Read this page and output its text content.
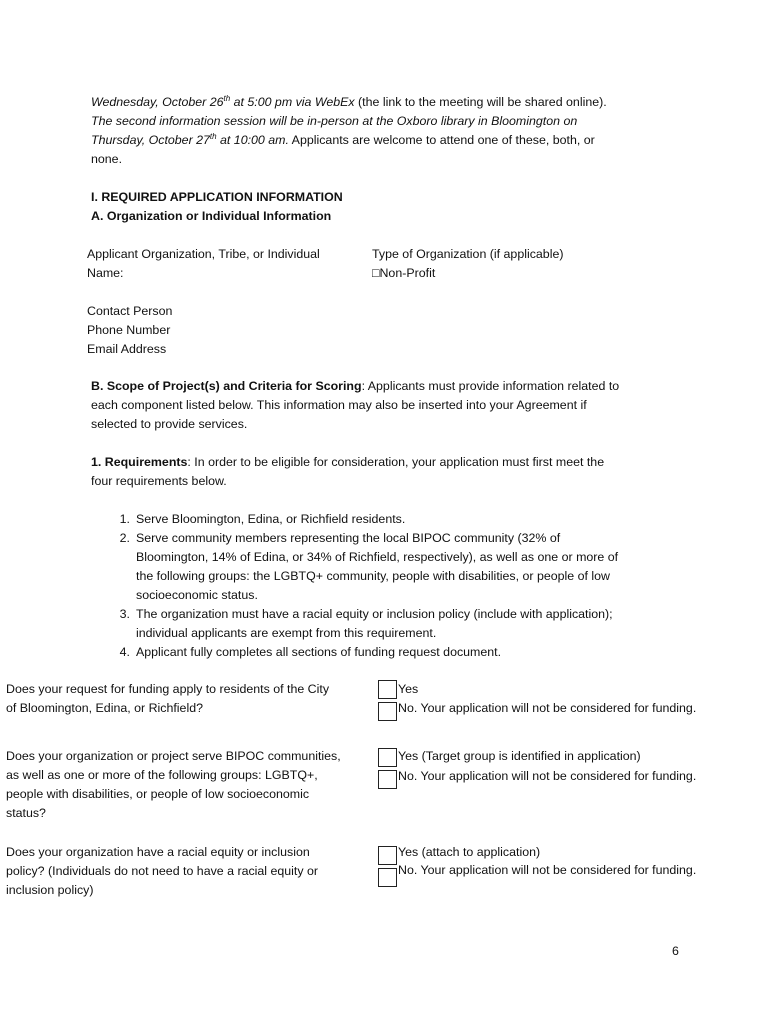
Wednesday, October 26th at 5:00 pm via WebEx (the link to the meeting will be shared online).
The second information session will be in-person at the Oxboro library in Bloomington on
Thursday, October 27th at 10:00 am. Applicants are welcome to attend one of these, both, or
none.
I. REQUIRED APPLICATION INFORMATION
A. Organization or Individual Information
Applicant Organization, Tribe, or Individual
Name:
Type of Organization (if applicable)
□Non-Profit
Contact Person
Phone Number
Email Address
B. Scope of Project(s) and Criteria for Scoring: Applicants must provide information related to
each component listed below. This information may also be inserted into your Agreement if
selected to provide services.
1. Requirements: In order to be eligible for consideration, your application must first meet the
four requirements below.
1. Serve Bloomington, Edina, or Richfield residents.
2. Serve community members representing the local BIPOC community (32% of
Bloomington, 14% of Edina, or 34% of Richfield, respectively), as well as one or more of
the following groups: the LGBTQ+ community, people with disabilities, or people of low
socioeconomic status.
3. The organization must have a racial equity or inclusion policy (include with application);
individual applicants are exempt from this requirement.
4. Applicant fully completes all sections of funding request document.
Does your request for funding apply to residents of the City
of Bloomington, Edina, or Richfield?
Yes
No. Your application will not be considered for funding.
Does your organization or project serve BIPOC communities,
as well as one or more of the following groups: LGBTQ+,
people with disabilities, or people of low socioeconomic
status?
Yes (Target group is identified in application)
No. Your application will not be considered for funding.
Does your organization have a racial equity or inclusion
policy? (Individuals do not need to have a racial equity or
inclusion policy)
Yes (attach to application)
No. Your application will not be considered for funding.
6
